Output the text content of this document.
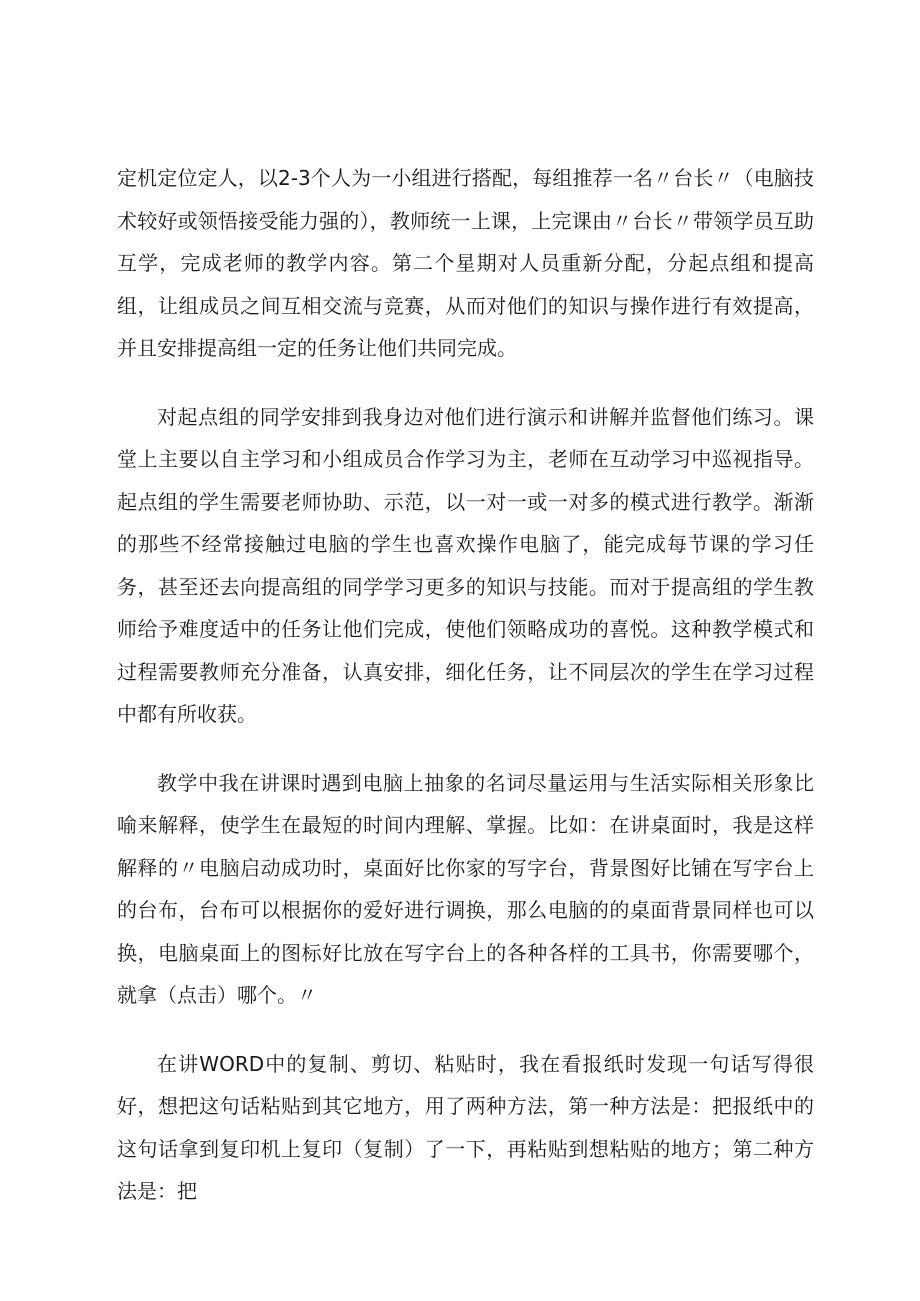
定机定位定人，以2-3个人为一小组进行搭配，每组推荐一名〃台长〃（电脑技术较好或领悟接受能力强的），教师统一上课，上完课由〃台长〃带领学员互助互学，完成老师的教学内容。第二个星期对人员重新分配，分起点组和提高组，让组成员之间互相交流与竞赛，从而对他们的知识与操作进行有效提高，并且安排提高组一定的任务让他们共同完成。

对起点组的同学安排到我身边对他们进行演示和讲解并监督他们练习。课堂上主要以自主学习和小组成员合作学习为主，老师在互动学习中巡视指导。起点组的学生需要老师协助、示范，以一对一或一对多的模式进行教学。渐渐的那些不经常接触过电脑的学生也喜欢操作电脑了，能完成每节课的学习任务，甚至还去向提高组的同学学习更多的知识与技能。而对于提高组的学生教师给予难度适中的任务让他们完成，使他们领略成功的喜悦。这种教学模式和过程需要教师充分准备，认真安排，细化任务，让不同层次的学生在学习过程中都有所收获。

教学中我在讲课时遇到电脑上抽象的名词尽量运用与生活实际相关形象比喻来解释，使学生在最短的时间内理解、掌握。比如：在讲桌面时，我是这样解释的〃电脑启动成功时，桌面好比你家的写字台，背景图好比铺在写字台上的台布，台布可以根据你的爱好进行调换，那么电脑的的桌面背景同样也可以换，电脑桌面上的图标好比放在写字台上的各种各样的工具书，你需要哪个，就拿（点击）哪个。〃

在讲WORD中的复制、剪切、粘贴时，我在看报纸时发现一句话写得很好，想把这句话粘贴到其它地方，用了两种方法，第一种方法是：把报纸中的这句话拿到复印机上复印（复制）了一下，再粘贴到想粘贴的地方；第二种方法是：把
